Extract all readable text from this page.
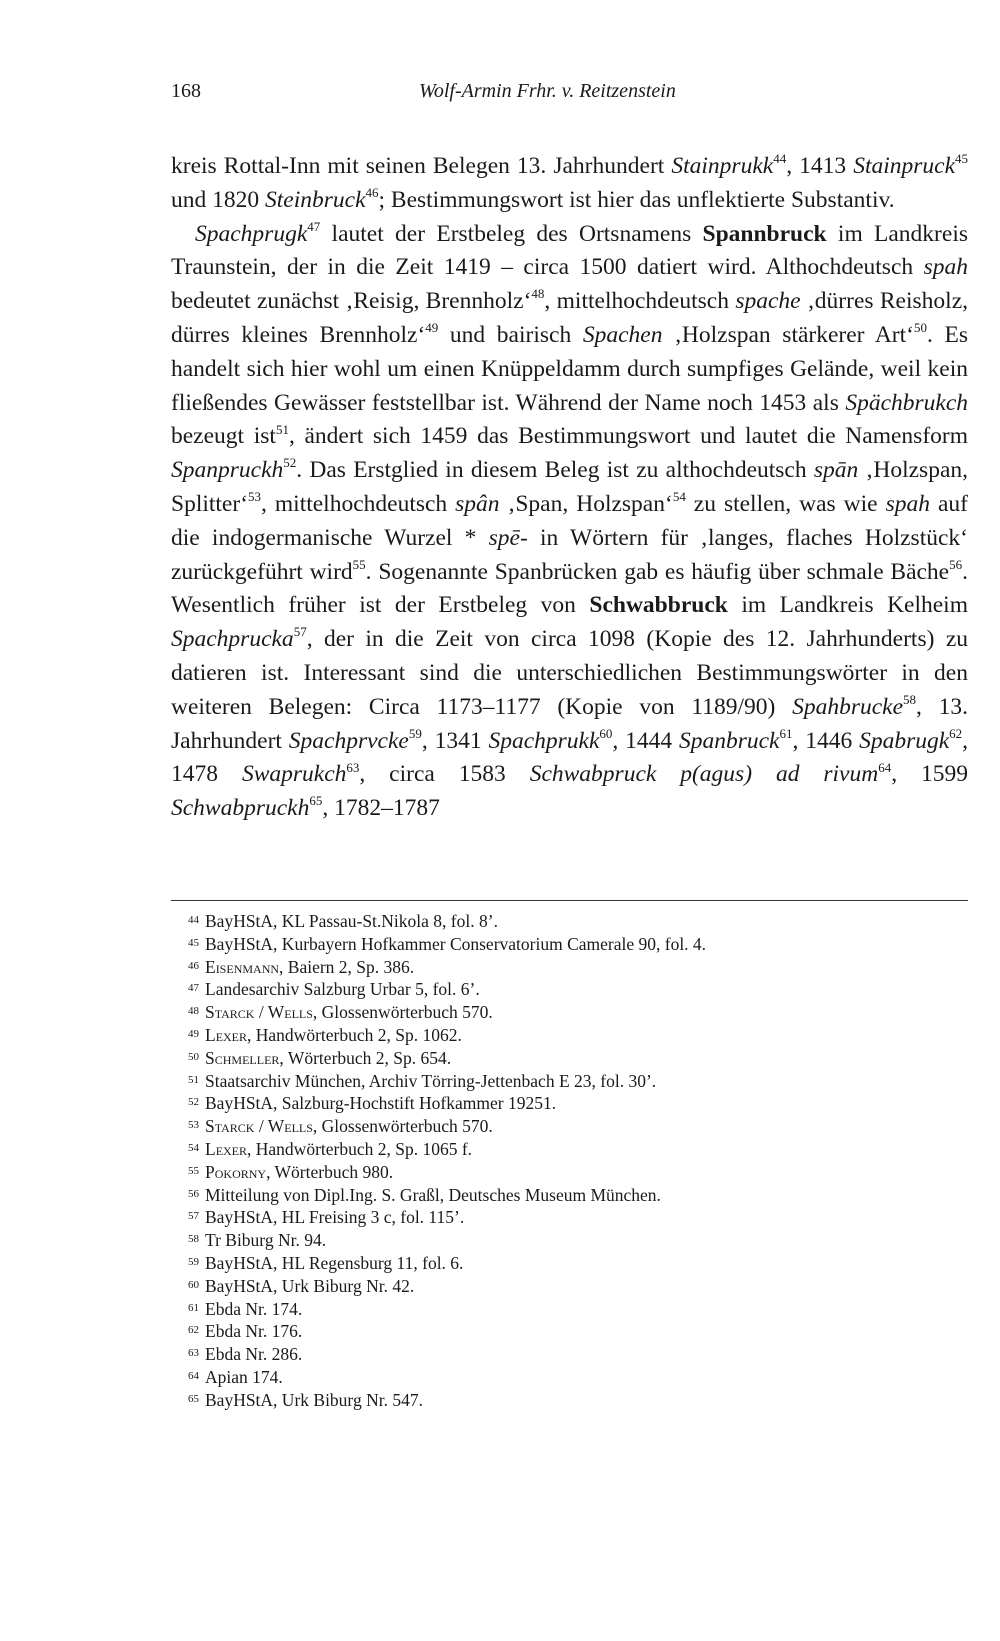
168	Wolf-Armin Frhr. v. Reitzenstein

kreis Rottal-Inn mit seinen Belegen 13. Jahrhundert Stainprukk$^{44}$, 1413 Stainpruck$^{45}$ und 1820 Steinbruck$^{46}$; Bestimmungswort ist hier das unflektierte Substantiv.

Spachprugk$^{47}$ lautet der Erstbeleg des Ortsnamens Spannbruck im Landkreis Traunstein, der in die Zeit 1419 – circa 1500 datiert wird. Althochdeutsch spah bedeutet zunächst ‚Reisig, Brennholz‘$^{48}$, mittelhochdeutsch spache ‚dürres Reisholz, dürres kleines Brennholz‘$^{49}$ und bairisch Spachen ‚Holzspan stärkerer Art‘$^{50}$. Es handelt sich hier wohl um einen Knüppeldamm durch sumpfiges Gelände, weil kein fließendes Gewässer feststellbar ist. Während der Name noch 1453 als Spächbrukch bezeugt ist$^{51}$, ändert sich 1459 das Bestimmungswort und lautet die Namensform Spanpruckh$^{52}$. Das Erstglied in diesem Beleg ist zu althochdeutsch spān ‚Holzspan, Splitter‘$^{53}$, mittelhochdeutsch spân ‚Span, Holzspan‘$^{54}$ zu stellen, was wie spah auf die indogermanische Wurzel * spē- in Wörtern für ‚langes, flaches Holzstück‘ zurückgeführt wird$^{55}$. Sogenannte Spanbrücken gab es häufig über schmale Bäche$^{56}$. Wesentlich früher ist der Erstbeleg von Schwabbruck im Landkreis Kelheim Spachprucka$^{57}$, der in die Zeit von circa 1098 (Kopie des 12. Jahrhunderts) zu datieren ist. Interessant sind die unterschiedlichen Bestimmungswörter in den weiteren Belegen: Circa 1173–1177 (Kopie von 1189/90) Spahbrucke$^{58}$, 13. Jahrhundert Spachprvcke$^{59}$, 1341 Spachprukk$^{60}$, 1444 Spanbruck$^{61}$, 1446 Spabrugk$^{62}$, 1478 Swaprukch$^{63}$, circa 1583 Schwabpruck p(agus) ad rivum$^{64}$, 1599 Schwabpruckh$^{65}$, 1782–1787

44 BayHStA, KL Passau-St.Nikola 8, fol. 8’.
45 BayHStA, Kurbayern Hofkammer Conservatorium Camerale 90, fol. 4.
46 Eisenmann, Baiern 2, Sp. 386.
47 Landesarchiv Salzburg Urbar 5, fol. 6’.
48 Starck / Wells, Glossenwörterbuch 570.
49 Lexer, Handwörterbuch 2, Sp. 1062.
50 Schmeller, Wörterbuch 2, Sp. 654.
51 Staatsarchiv München, Archiv Törring-Jettenbach E 23, fol. 30’.
52 BayHStA, Salzburg-Hochstift Hofkammer 19251.
53 Starck / Wells, Glossenwörterbuch 570.
54 Lexer, Handwörterbuch 2, Sp. 1065 f.
55 Pokorny, Wörterbuch 980.
56 Mitteilung von Dipl.Ing. S. Graßl, Deutsches Museum München.
57 BayHStA, HL Freising 3 c, fol. 115’.
58 Tr Biburg Nr. 94.
59 BayHStA, HL Regensburg 11, fol. 6.
60 BayHStA, Urk Biburg Nr. 42.
61 Ebda Nr. 174.
62 Ebda Nr. 176.
63 Ebda Nr. 286.
64 Apian 174.
65 BayHStA, Urk Biburg Nr. 547.
